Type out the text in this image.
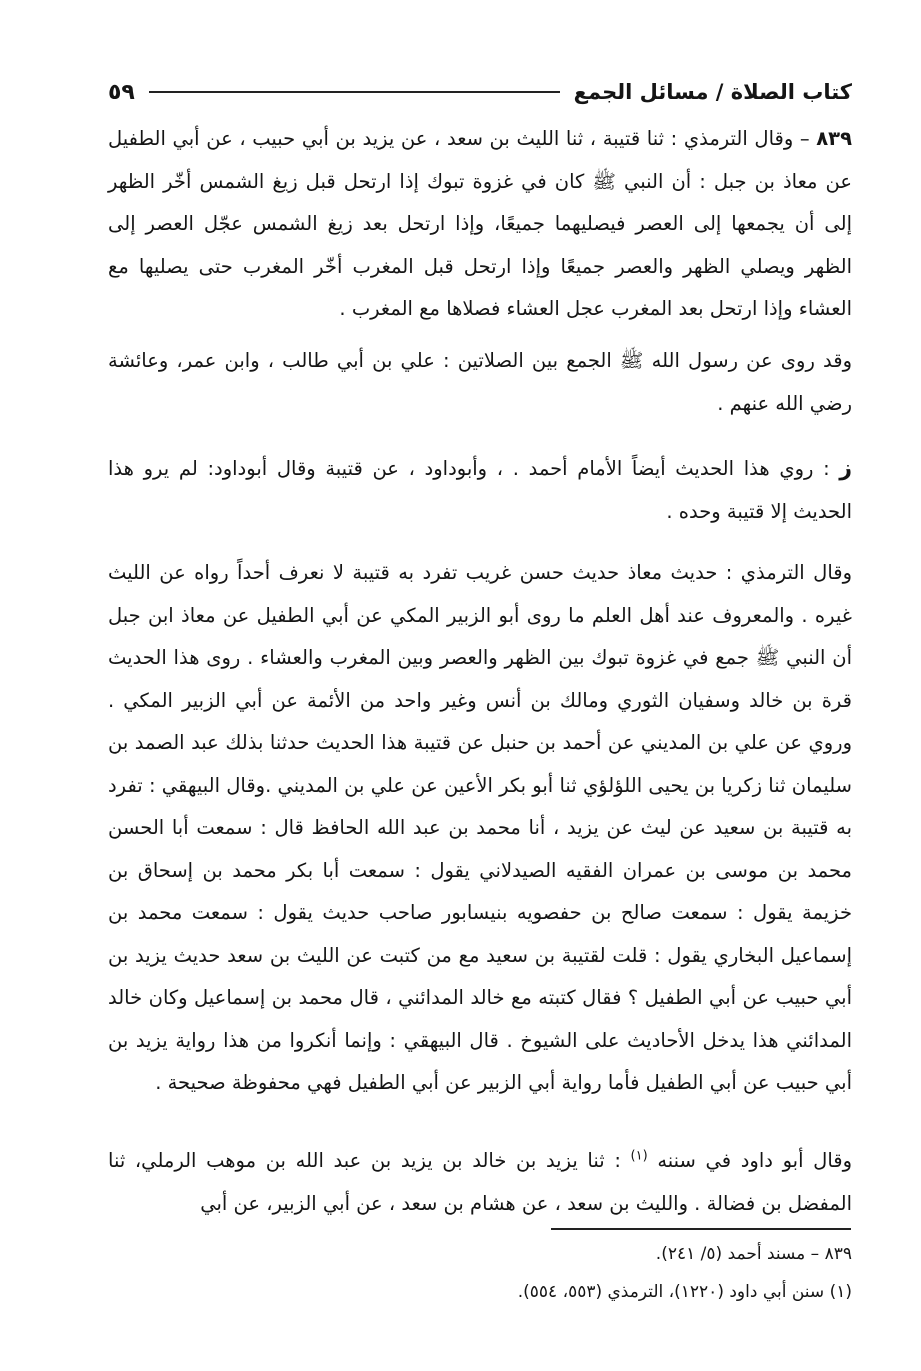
كتاب الصلاة / مسائل الجمع
٥٩

٨٣٩ – وقال الترمذي : ثنا قتيبة ، ثنا الليث بن سعد ، عن يزيد بن أبي حبيب ، عن أبي الطفيل عن معاذ بن جبل : أن النبي ﷺ كان في غزوة تبوك إذا ارتحل قبل زيغ الشمس أخّر الظهر إلى أن يجمعها إلى العصر فيصليهما جميعًا، وإذا ارتحل بعد زيغ الشمس عجّل العصر إلى الظهر ويصلي الظهر والعصر جميعًا وإذا ارتحل قبل المغرب أخّر المغرب حتى يصليها مع العشاء وإذا ارتحل بعد المغرب عجل العشاء فصلاها مع المغرب .

وقد روى عن رسول الله ﷺ الجمع بين الصلاتين : علي بن أبي طالب ، وابن عمر، وعائشة رضي الله عنهم .

ز : روي هذا الحديث أيضاً الأمام أحمد . ، وأبوداود ، عن قتيبة وقال أبوداود: لم يرو هذا الحديث إلا قتيبة وحده .

وقال الترمذي : حديث معاذ حديث حسن غريب تفرد به قتيبة لا نعرف أحداً رواه عن الليث غيره . والمعروف عند أهل العلم ما روى أبو الزبير المكي عن أبي الطفيل عن معاذ ابن جبل أن النبي ﷺ جمع في غزوة تبوك بين الظهر والعصر وبين المغرب والعشاء . روى هذا الحديث قرة بن خالد وسفيان الثوري ومالك بن أنس وغير واحد من الأئمة عن أبي الزبير المكي . وروي عن علي بن المديني عن أحمد بن حنبل عن قتيبة هذا الحديث حدثنا بذلك عبد الصمد بن سليمان ثنا زكريا بن يحيى اللؤلؤي ثنا أبو بكر الأعين عن علي بن المديني .وقال البيهقي : تفرد به قتيبة بن سعيد عن ليث عن يزيد ، أنا محمد بن عبد الله الحافظ قال : سمعت أبا الحسن محمد بن موسى بن عمران الفقيه الصيدلاني يقول : سمعت أبا بكر محمد بن إسحاق بن خزيمة يقول : سمعت صالح بن حفصويه بنيسابور صاحب حديث يقول : سمعت محمد بن إسماعيل البخاري يقول : قلت لقتيبة بن سعيد مع من كتبت عن الليث بن سعد حديث يزيد بن أبي حبيب عن أبي الطفيل ؟ فقال كتبته مع خالد المدائني ، قال محمد بن إسماعيل وكان خالد المدائني هذا يدخل الأحاديث على الشيوخ . قال البيهقي : وإنما أنكروا من هذا رواية يزيد بن أبي حبيب عن أبي الطفيل فأما رواية أبي الزبير عن أبي الطفيل فهي محفوظة صحيحة .

وقال أبو داود في سننه $^{(١)}$ : ثنا يزيد بن خالد بن يزيد بن عبد الله بن موهب الرملي، ثنا المفضل بن فضالة . والليث بن سعد ، عن هشام بن سعد ، عن أبي الزبير، عن أبي

٨٣٩ – مسند أحمد (٥/ ٢٤١).

(١) سنن أبي داود (١٢٢٠)، الترمذي (٥٥٣، ٥٥٤).
